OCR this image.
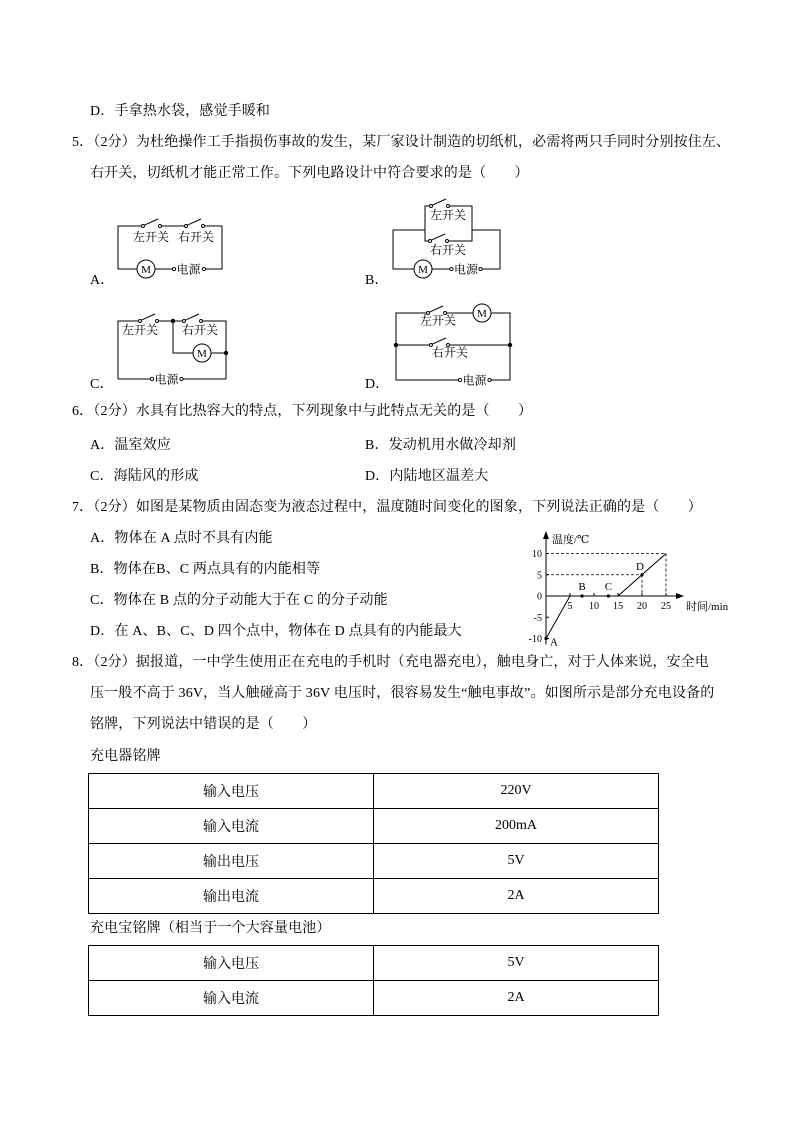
D．手拿热水袋，感觉手暖和
5．（2分）为杜绝操作工手指损伤事故的发生，某厂家设计制造的切纸机，必需将两只手同时分别按住左、
右开关，切纸机才能正常工作。下列电路设计中符合要求的是（　　）
A．	B．
C．	D．
M 电源
左开关 右开关
M 电源
左开关
右开关
M
电源
左开关 右开关
M
电源
左开关
右开关
6．（2分）水具有比热容大的特点，下列现象中与此特点无关的是（　　）
A．温室效应	B．发动机用水做冷却剂
C．海陆风的形成	D．内陆地区温差大
7．（2分）如图是某物质由固态变为液态过程中，温度随时间变化的图象，下列说法正确的是（　　）
A．物体在 A 点时不具有内能
B．物体在B、C 两点具有的内能相等
C．物体在 B 点的分子动能大于在 C 的分子动能
D．在 A、B、C、D 四个点中，物体在 D 点具有的内能最大
10
5
0
-5
-10
5 10 15 20 25
A
B C
D
温度/℃
时间/min
8．（2分）据报道，一中学生使用正在充电的手机时（充电器充电），触电身亡，对于人体来说，安全电
压一般不高于 36V，当人触碰高于 36V 电压时，很容易发生“触电事故”。如图所示是部分充电设备的
铭牌，下列说法中错误的是（　　）
充电器铭牌
输入电压	220V
输入电流	200mA
输出电压	5V
输出电流	2A
充电宝铭牌（相当于一个大容量电池）
输入电压	5V
输入电流	2A
